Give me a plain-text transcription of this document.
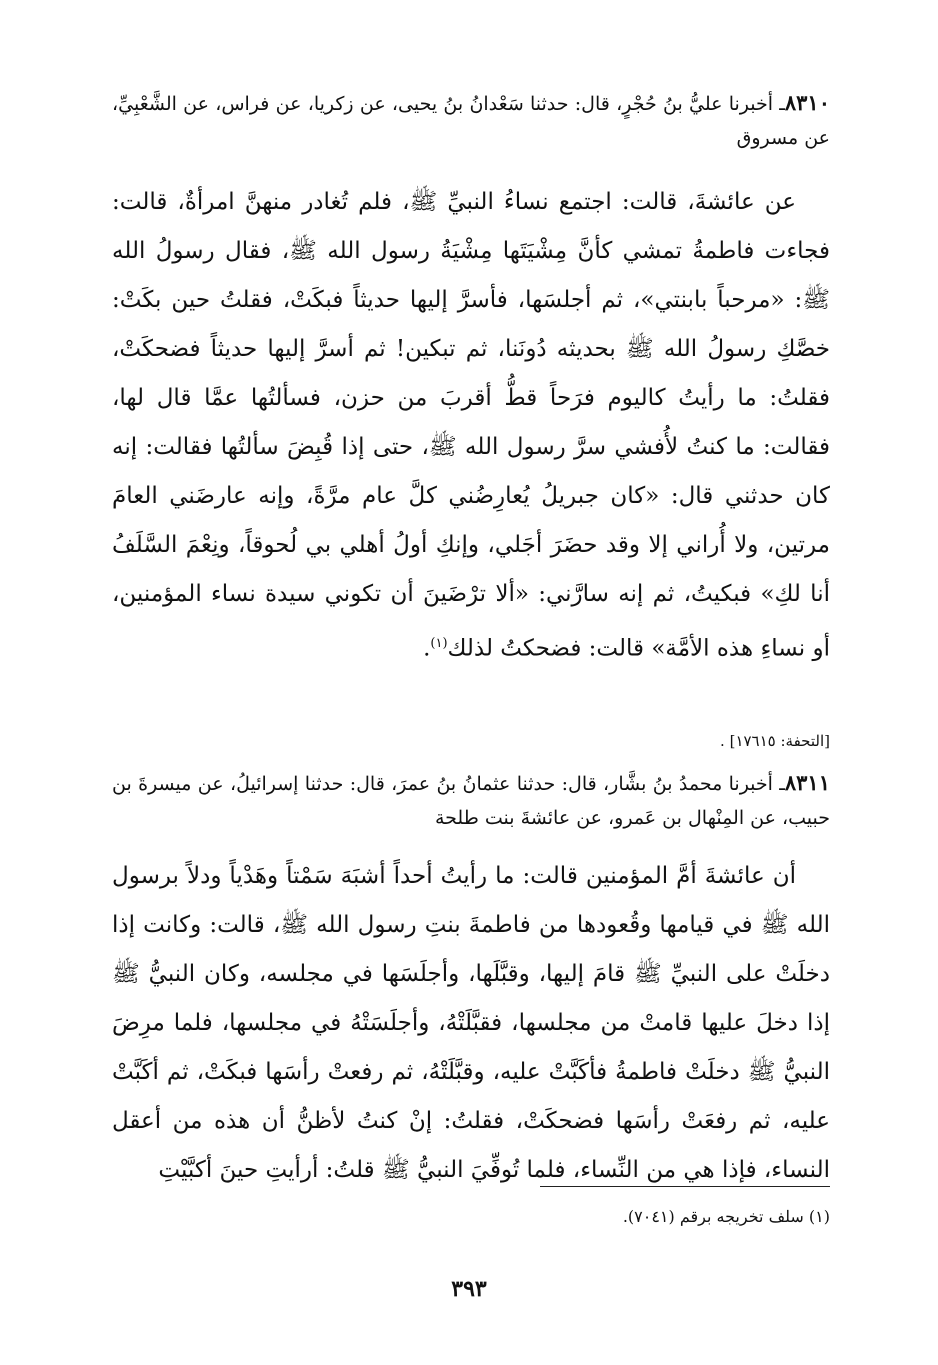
٨٣١٠ـ أخبرنا عليُّ بنُ حُجْرٍ، قال: حدثنا سَعْدانُ بنُ يحيى، عن زكريا، عن فراس، عن الشَّعْبِيِّ، عن مسروق
عن عائشةَ، قالت: اجتمع نساءُ النبيِّ ﷺ، فلم تُغادر منهنَّ امرأةٌ، قالت: فجاءت فاطمةُ تمشي كأنَّ مِشْيَتَها مِشْيَةُ رسول الله ﷺ، فقال رسولُ الله ﷺ: «مرحباً بابنتي»، ثم أجلسَها، فأسرَّ إليها حديثاً فبكَتْ، فقلتُ حين بكَتْ: خصَّكِ رسولُ الله ﷺ بحديثه دُونَنا، ثم تبكين! ثم أسرَّ إليها حديثاً فضحكَتْ، فقلتُ: ما رأيتُ كاليوم فرَحاً قطُّ أقربَ من حزن، فسألتُها عمَّا قال لها، فقالت: ما كنتُ لأُفشي سرَّ رسول الله ﷺ، حتى إذا قُبِضَ سألتُها فقالت: إنه كان حدثني قال: «كان جبريلُ يُعارِضُني كلَّ عام مرَّةً، وإنه عارضَني العامَ مرتين، ولا أُراني إلا وقد حضَرَ أجَلي، وإنكِ أولُ أهلي بي لُحوقاً، ونِعْمَ السَّلَفُ أنا لكِ» فبكيتُ، ثم إنه سارَّني: «ألا ترْضَينَ أن تكوني سيدة نساء المؤمنين، أو نساءِ هذه الأمَّة» قالت: فضحكتُ لذلك$^{(١)}$.
[التحفة: ١٧٦١٥] .
٨٣١١ـ أخبرنا محمدُ بنُ بشَّار، قال: حدثنا عثمانُ بنُ عمرَ، قال: حدثنا إسرائيلُ، عن ميسرةَ بن حبيب، عن المِنْهال بن عَمرو، عن عائشةَ بنت طلحة
أن عائشةَ أمَّ المؤمنين قالت: ما رأيتُ أحداً أشبَهَ سَمْتاً وهَدْياً ودلاً برسول الله ﷺ في قيامها وقُعودها من فاطمةَ بنتِ رسول الله ﷺ، قالت: وكانت إذا دخلَتْ على النبيِّ ﷺ قامَ إليها، وقبَّلَها، وأجلَسَها في مجلسه، وكان النبيُّ ﷺ إذا دخلَ عليها قامتْ من مجلسها، فقبَّلَتْهُ، وأجلَسَتْهُ في مجلسها، فلما مرِضَ النبيُّ ﷺ دخلَتْ فاطمةُ فأكَبَّتْ عليه، وقبَّلَتْهُ، ثم رفعتْ رأسَها فبكَتْ، ثم أكَبَّتْ عليه، ثم رفعَتْ رأسَها فضحكَتْ، فقلتُ: إنْ كنتُ لأظنُّ أن هذه من أعقل النساء، فإذا هي من النِّساء، فلما تُوفِّيَ النبيُّ ﷺ قلتُ: أرأيتِ حينَ أكبَّيْتِ
(١) سلف تخريجه برقم (٧٠٤١).
٣٩٣
